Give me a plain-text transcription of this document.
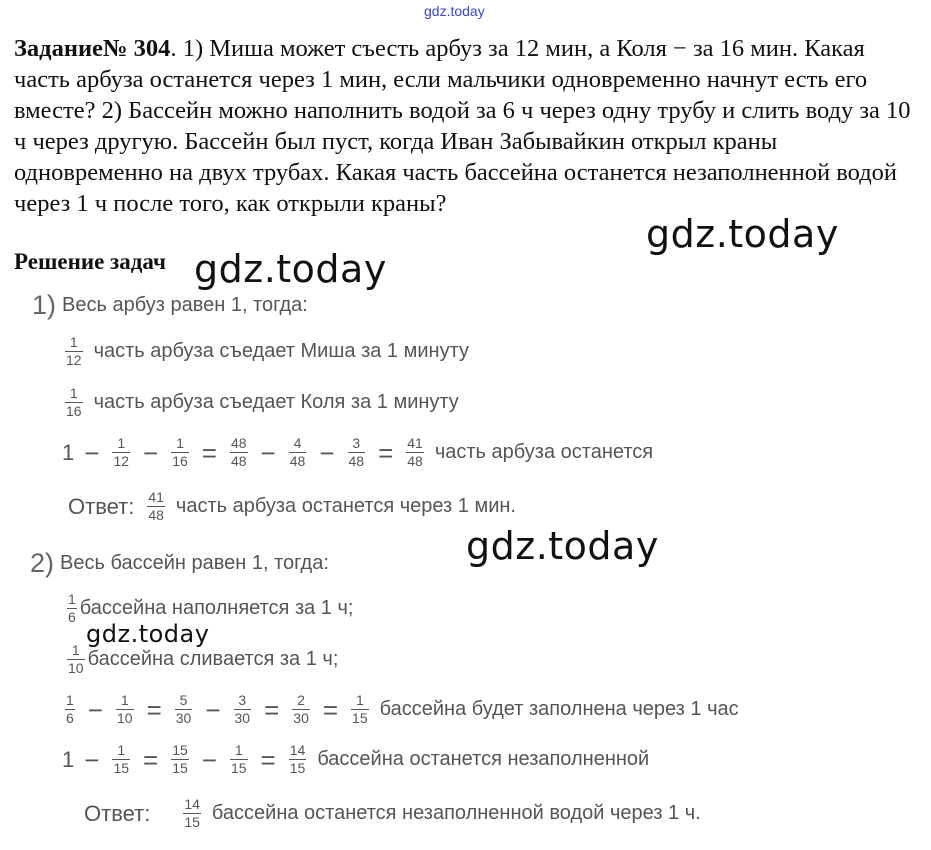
gdz.today
gdz.today
gdz.today
gdz.today
gdz.today
Задание№ 304. 1) Миша может съесть арбуз за 12 мин, а Коля − за 16 мин. Какая часть арбуза останется через 1 мин, если мальчики одновременно начнут есть его вместе? 2) Бассейн можно наполнить водой за 6 ч через одну трубу и слить воду за 10 ч через другую. Бассейн был пуст, когда Иван Забывайкин открыл краны одновременно на двух трубах. Какая часть бассейна останется незаполненной водой через 1 ч после того, как открыли краны?
Решение задач
1) Весь арбуз равен 1, тогда:
$\frac{1}{12}$ часть арбуза съедает Миша за 1 минуту
$\frac{1}{16}$ часть арбуза съедает Коля за 1 минуту
$1 - \frac{1}{12} - \frac{1}{16} = \frac{48}{48} - \frac{4}{48} - \frac{3}{48} = \frac{41}{48}$ часть арбуза останется
Ответ: $\frac{41}{48}$ часть арбуза останется через 1 мин.
2) Весь бассейн равен 1, тогда:
$\frac{1}{6}$ бассейна наполняется за 1 ч;
$\frac{1}{10}$ бассейна сливается за 1 ч;
$\frac{1}{6} - \frac{1}{10} = \frac{5}{30} - \frac{3}{30} = \frac{2}{30} = \frac{1}{15}$ бассейна будет заполнена через 1 час
$1 - \frac{1}{15} = \frac{15}{15} - \frac{1}{15} = \frac{14}{15}$ бассейна останется незаполненной
Ответ: $\frac{14}{15}$ бассейна останется незаполненной водой через 1 ч.
